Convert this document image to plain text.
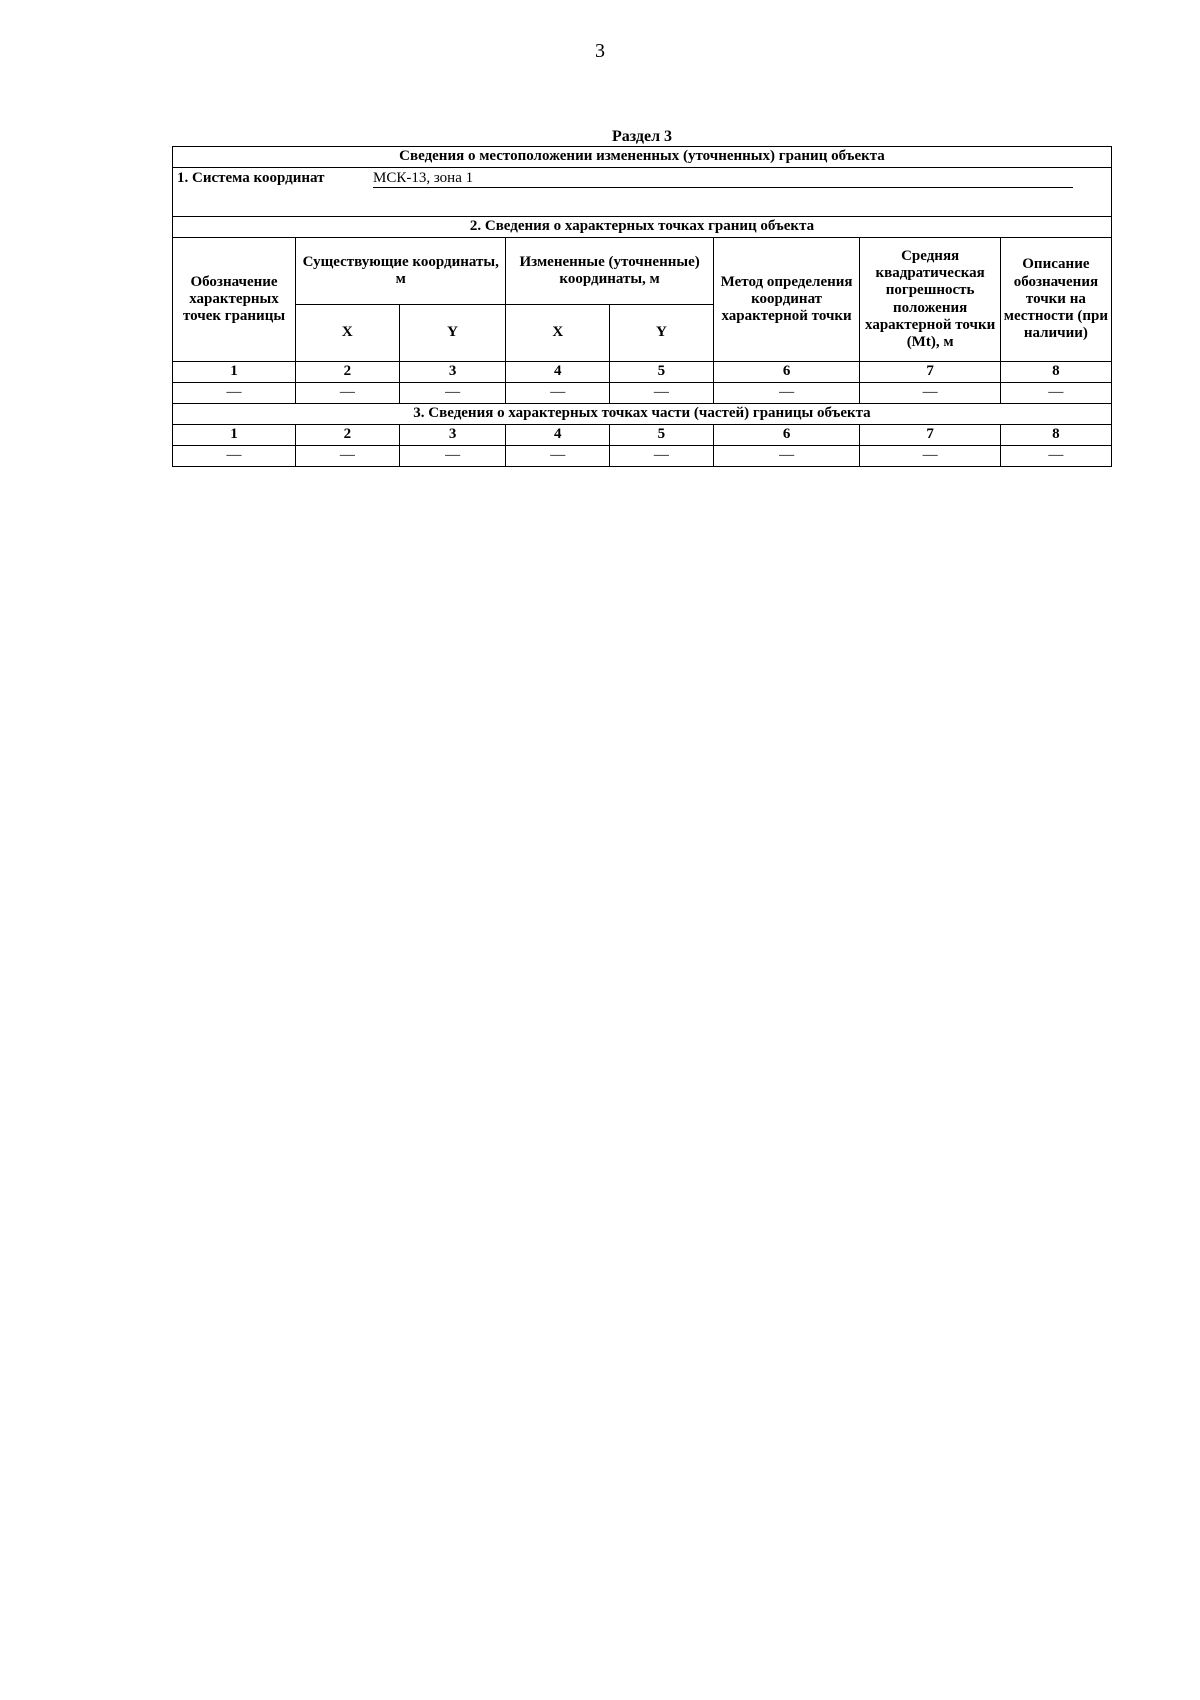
3
Раздел 3
Сведения о местоположении измененных (уточненных) границ объекта							
1. Система координат МСК-13, зона 1							
2. Сведения о характерных точках границ объекта							
Обозначение характерных точек границы	Существующие координаты, м		Измененные (уточненные) координаты, м		Метод определения координат характерной точки	Средняя квадратическая погрешность положения характерной точки (Mt), м	Описание обозначения точки на местности (при наличии)
	X	Y	X	Y			
1	2	3	4	5	6	7	8
—	—	—	—	—	—	—	—
3. Сведения о характерных точках части (частей) границы объекта							
1	2	3	4	5	6	7	8
—	—	—	—	—	—	—	—
